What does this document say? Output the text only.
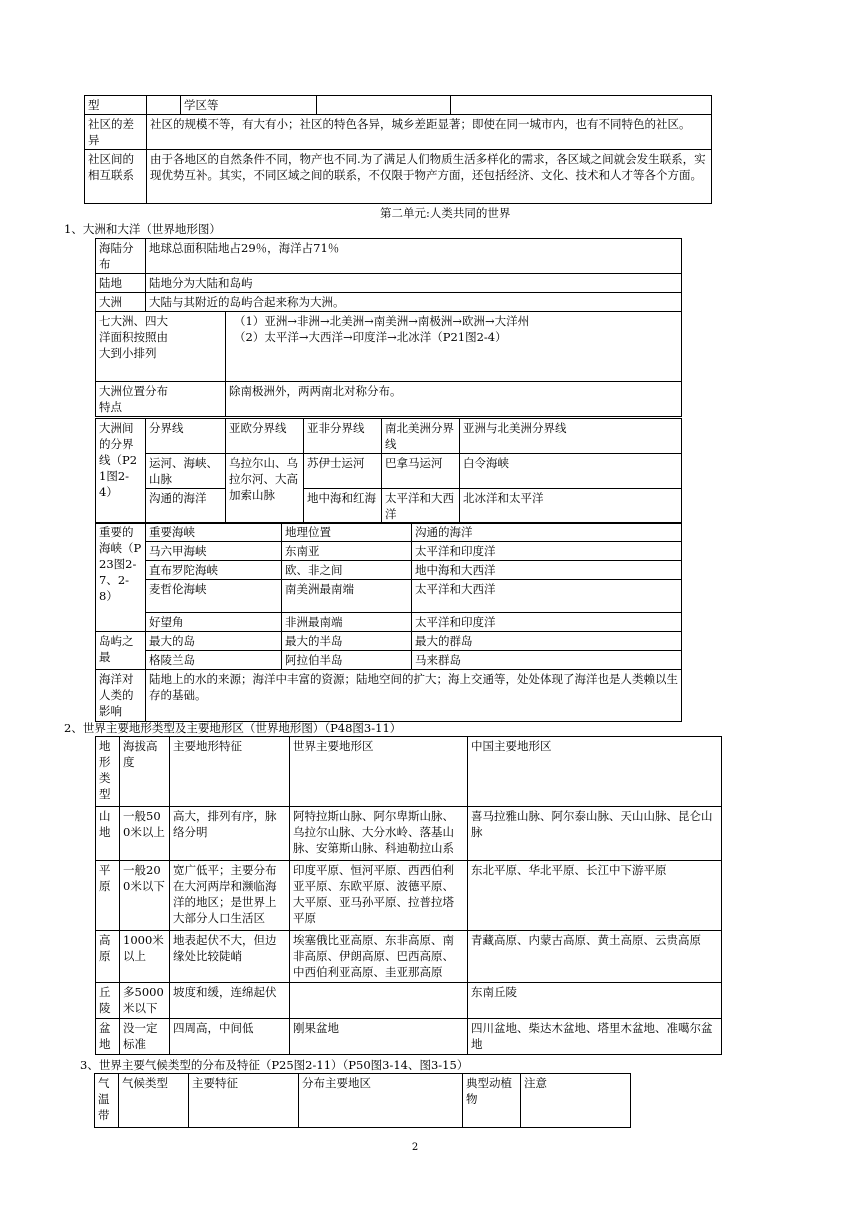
型		学区等		
社区的差异	社区的规模不等，有大有小；社区的特色各异，城乡差距显著；即使在同一城市内，也有不同特色的社区。			
社区间的相互联系	由于各地区的自然条件不同，物产也不同.为了满足人们物质生活多样化的需求，各区域之间就会发生联系，实现优势互补。其实，不同区域之间的联系，不仅限于物产方面，还包括经济、文化、技术和人才等各个方面。			
第二单元:人类共同的世界
1、大洲和大洋（世界地形图）
海陆分布	地球总面积陆地占29％，海洋占71％	
陆地	陆地分为大陆和岛屿	
大洲	大陆与其附近的岛屿合起来称为大洲。	

七大洲、四大洋面积按照由大到小排列		（1）亚洲→非洲→北美洲→南美洲→南极洲→欧洲→大洋州
（2）太平洋→大西洋→印度洋→北冰洋（P21图2-4）

大洲位置分布特点		除南极洲外，两两南北对称分布。
大洲间的分界线（P21图2-4）	分界线	亚欧分界线	亚非分界线	南北美洲分界线	亚洲与北美洲分界线
	运河、海峡、山脉	乌拉尔山、乌拉尔河、大高加索山脉	苏伊士运河	巴拿马运河	白令海峡
	沟通的海洋		地中海和红海	太平洋和大西洋	北冰洋和太平洋
重要的海峡（P23图2-7、2-8）	重要海峡	地理位置	沟通的海洋
	马六甲海峡	东南亚	太平洋和印度洋
	直布罗陀海峡	欧、非之间	地中海和大西洋
	麦哲伦海峡	南美洲最南端	太平洋和大西洋
	好望角	非洲最南端	太平洋和印度洋
岛屿之最	最大的岛	最大的半岛	最大的群岛
	格陵兰岛	阿拉伯半岛	马来群岛
海洋对人类的影响	陆地上的水的来源；海洋中丰富的资源；陆地空间的扩大；海上交通等，处处体现了海洋也是人类赖以生存的基础。		
2、世界主要地形类型及主要地形区（世界地形图）（P48图3-11）
地形类型	海拔高度	主要地形特征	世界主要地形区	中国主要地形区
山地	一般500米以上	高大，排列有序，脉络分明	阿特拉斯山脉、阿尔卑斯山脉、乌拉尔山脉、大分水岭、落基山脉、安第斯山脉、科迪勒拉山系	喜马拉雅山脉、阿尔泰山脉、天山山脉、昆仑山脉
平原	一般200米以下	宽广低平；主要分布在大河两岸和濒临海洋的地区；是世界上大部分人口生活区	印度平原、恒河平原、西西伯利亚平原、东欧平原、波德平原、大平原、亚马孙平原、拉普拉塔平原	东北平原、华北平原、长江中下游平原
高原	1000米以上	地表起伏不大，但边缘处比较陡峭	埃塞俄比亚高原、东非高原、南非高原、伊朗高原、巴西高原、中西伯利亚高原、圭亚那高原	青藏高原、内蒙古高原、黄土高原、云贵高原
丘陵	多5000米以下	坡度和缓，连绵起伏		东南丘陵
盆地	没一定标准	四周高，中间低	刚果盆地	四川盆地、柴达木盆地、塔里木盆地、准噶尔盆地
3、世界主要气候类型的分布及特征（P25图2-11）（P50图3-14、图3-15）
气温带	气候类型	主要特征	分布主要地区	典型动植物	注意
2
